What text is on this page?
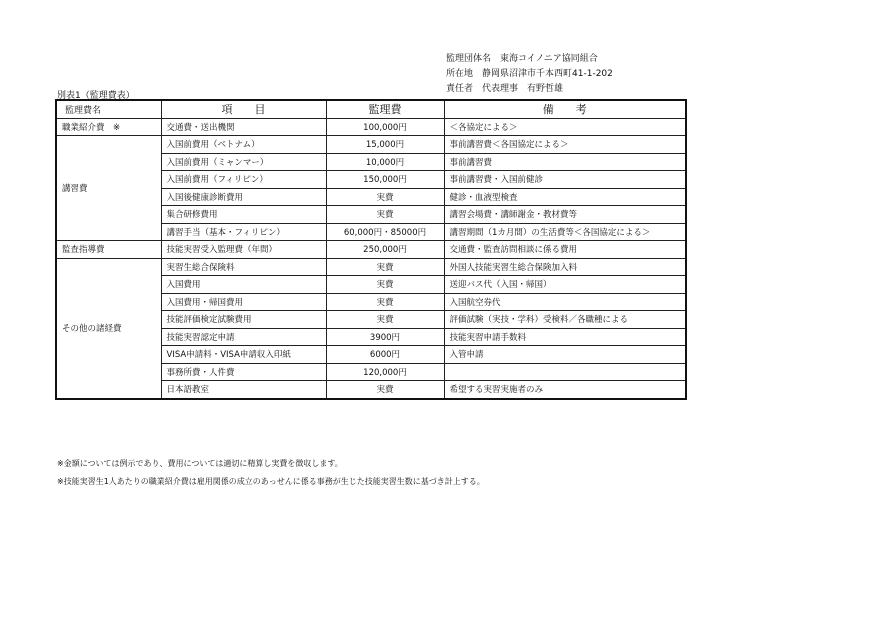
監理団体名　 東海コイノニア協同組合
所在地　 静岡県沼津市千本西町41-1-202
責任者　 代表理事　有野哲雄
別表1（監理費表）
監理費名	項　　目	監理費	備　　考
職業紹介費　※	交通費・送出機関	100,000円	＜各協定による＞
講習費	入国前費用（ベトナム）	15,000円	事前講習費＜各国協定による＞
	入国前費用（ミャンマー）	10,000円	事前講習費
	入国前費用（フィリピン）	150,000円	事前講習費・入国前健診
	入国後健康診断費用	実費	健診・血液型検査
	集合研修費用	実費	講習会場費・講師謝金・教材費等
	講習手当（基本・フィリピン）	60,000円・85000円	講習期間（1カ月間）の生活費等＜各国協定による＞
監査指導費	技能実習受入監理費（年間）	250,000円	交通費・監査訪問相談に係る費用
その他の諸経費	実習生総合保険料	実費	外国人技能実習生総合保険加入料
	入国費用	実費	送迎バス代（入国・帰国）
	入国費用・帰国費用	実費	入国航空券代
	技能評価検定試験費用	実費	評価試験（実技・学科）受検料／各職種による
	技能実習認定申請	3900円	技能実習申請手数料
	VISA申請料・VISA申請収入印紙	6000円	入管申請
	事務所費・人件費	120,000円	
	日本語教室	実費	希望する実習実施者のみ
※金額については例示であり、費用については適切に精算し実費を徴収します。
※技能実習生1人あたりの職業紹介費は雇用関係の成立のあっせんに係る事務が生じた技能実習生数に基づき計上する。
